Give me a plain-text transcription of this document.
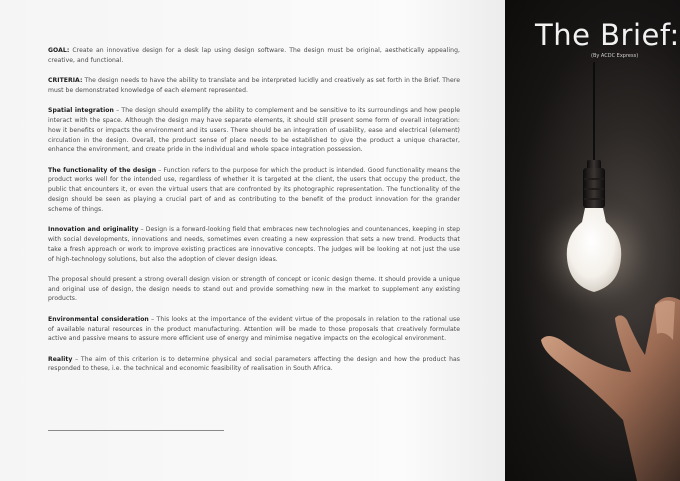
GOAL: Create an innovative design for a desk lap using design software. The design must be original, aesthetically appealing, creative, and functional.

CRITERIA: The design needs to have the ability to translate and be interpreted lucidly and creatively as set forth in the Brief. There must be demonstrated knowledge of each element represented.

Spatial integration – The design should exemplify the ability to complement and be sensitive to its surroundings and how people interact with the space. Although the design may have separate elements, it should still present some form of overall integration: how it benefits or impacts the environment and its users. There should be an integration of usability, ease and electrical (element) circulation in the design. Overall, the product sense of place needs to be established to give the product a unique character, enhance the environment, and create pride in the individual and whole space integration possession.

The functionality of the design – Function refers to the purpose for which the product is intended. Good functionality means the product works well for the intended use, regardless of whether it is targeted at the client, the users that occupy the product, the public that encounters it, or even the virtual users that are confronted by its photographic representation. The functionality of the design should be seen as playing a crucial part of and as contributing to the benefit of the product innovation for the grander scheme of things.

Innovation and originality – Design is a forward-looking field that embraces new technologies and countenances, keeping in step with social developments, innovations and needs, sometimes even creating a new expression that sets a new trend. Products that take a fresh approach or work to improve existing practices are innovative concepts. The judges will be looking at not just the use of high-technology solutions, but also the adoption of clever design ideas.

The proposal should present a strong overall design vision or strength of concept or iconic design theme. It should provide a unique and original use of design, the design needs to stand out and provide something new in the market to supplement any existing products.

Environmental consideration – This looks at the importance of the evident virtue of the proposals in relation to the rational use of available natural resources in the product manufacturing. Attention will be made to those proposals that creatively formulate active and passive means to assure more efficient use of energy and minimise negative impacts on the ecological environment.

Reality – The aim of this criterion is to determine physical and social parameters affecting the design and how the product has responded to these, i.e. the technical and economic feasibility of realisation in South Africa.

The Brief:
(By ACDC Express)
